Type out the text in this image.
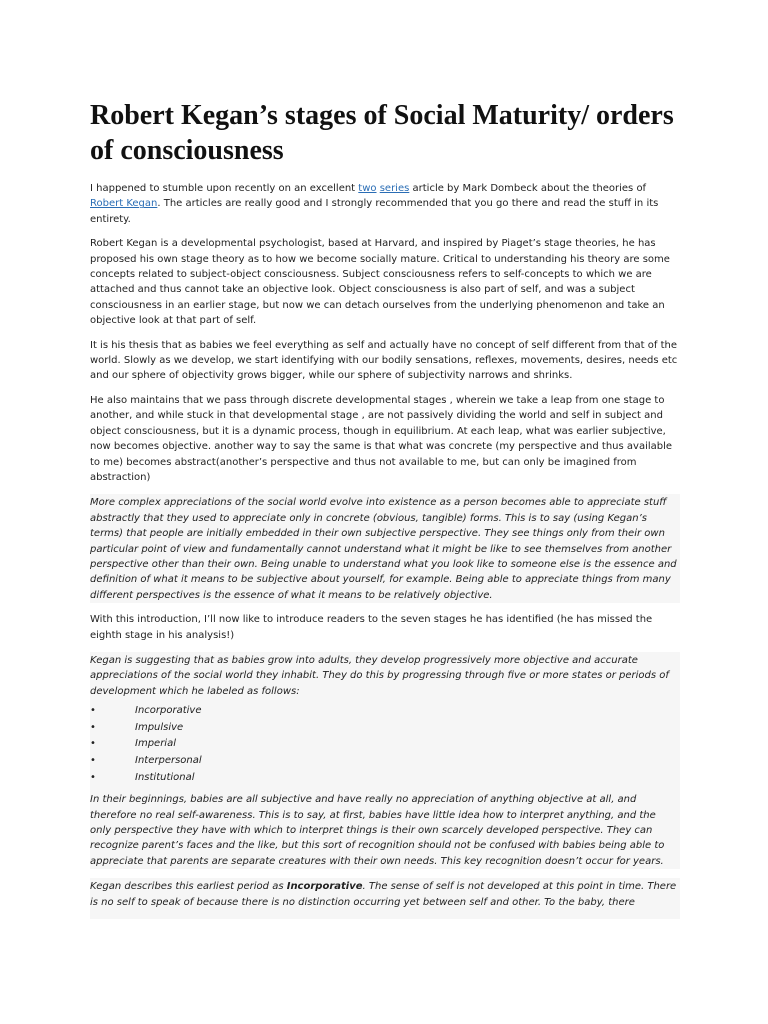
Robert Kegan’s stages of Social Maturity/ orders of consciousness

I happened to stumble upon recently on an excellent two series article by Mark Dombeck about the theories of Robert Kegan. The articles are really good and I strongly recommended that you go there and read the stuff in its entirety.

Robert Kegan is a developmental psychologist, based at Harvard, and inspired by Piaget’s stage theories, he has proposed his own stage theory as to how we become socially mature. Critical to understanding his theory are some concepts related to subject-object consciousness. Subject consciousness refers to self-concepts to which we are attached and thus cannot take an objective look. Object consciousness is also part of self, and was a subject consciousness in an earlier stage, but now we can detach ourselves from the underlying phenomenon and take an objective look at that part of self.

It is his thesis that as babies we feel everything as self and actually have no concept of self different from that of the world. Slowly as we develop, we start identifying with our bodily sensations, reflexes, movements, desires, needs etc and our sphere of objectivity grows bigger, while our sphere of subjectivity narrows and shrinks.

He also maintains that we pass through discrete developmental stages , wherein we take a leap from one stage to another, and while stuck in that developmental stage , are not passively dividing the world and self in subject and object consciousness, but it is a dynamic process, though in equilibrium. At each leap, what was earlier subjective, now becomes objective. another way to say the same is that what was concrete (my perspective and thus available to me) becomes abstract(another’s perspective and thus not available to me, but can only be imagined from abstraction)

More complex appreciations of the social world evolve into existence as a person becomes able to appreciate stuff abstractly that they used to appreciate only in concrete (obvious, tangible) forms. This is to say (using Kegan’s terms) that people are initially embedded in their own subjective perspective. They see things only from their own particular point of view and fundamentally cannot understand what it might be like to see themselves from another perspective other than their own. Being unable to understand what you look like to someone else is the essence and definition of what it means to be subjective about yourself, for example. Being able to appreciate things from many different perspectives is the essence of what it means to be relatively objective.

With this introduction, I’ll now like to introduce readers to the seven stages he has identified (he has missed the eighth stage in his analysis!)

Kegan is suggesting that as babies grow into adults, they develop progressively more objective and accurate appreciations of the social world they inhabit. They do this by progressing through five or more states or periods of development which he labeled as follows:

•	Incorporative
•	Impulsive
•	Imperial
•	Interpersonal
•	Institutional

In their beginnings, babies are all subjective and have really no appreciation of anything objective at all, and therefore no real self-awareness. This is to say, at first, babies have little idea how to interpret anything, and the only perspective they have with which to interpret things is their own scarcely developed perspective. They can recognize parent’s faces and the like, but this sort of recognition should not be confused with babies being able to appreciate that parents are separate creatures with their own needs. This key recognition doesn’t occur for years.

Kegan describes this earliest period as Incorporative. The sense of self is not developed at this point in time. There is no self to speak of because there is no distinction occurring yet between self and other. To the baby, there
